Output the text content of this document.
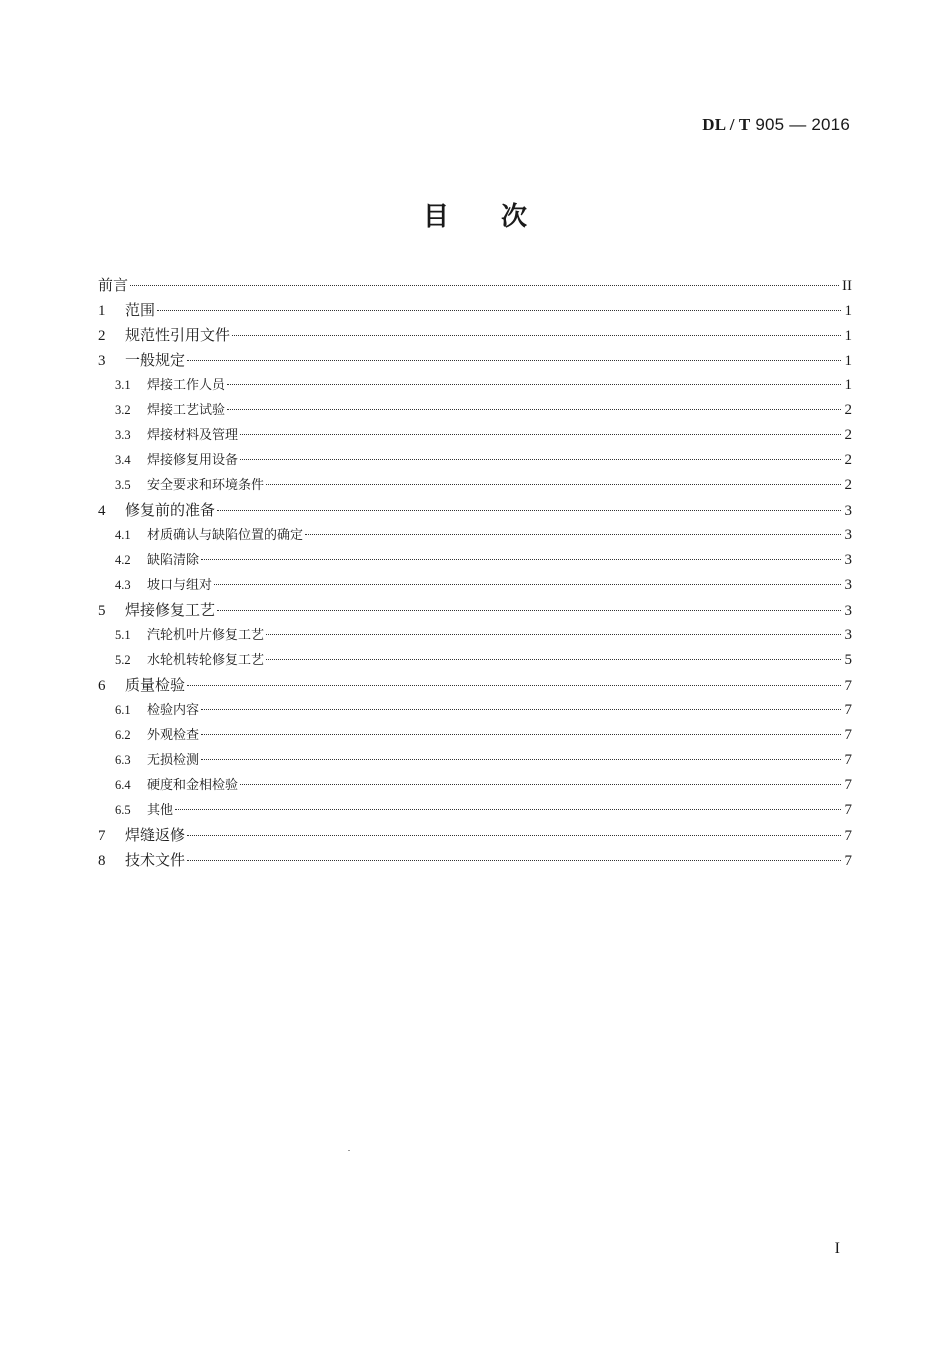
DL / T 905 — 2016
目次
前言	II
1	范围	1
2	规范性引用文件	1
3	一般规定	1
3.1	焊接工作人员	1
3.2	焊接工艺试验	2
3.3	焊接材料及管理	2
3.4	焊接修复用设备	2
3.5	安全要求和环境条件	2
4	修复前的准备	3
4.1	材质确认与缺陷位置的确定	3
4.2	缺陷清除	3
4.3	坡口与组对	3
5	焊接修复工艺	3
5.1	汽轮机叶片修复工艺	3
5.2	水轮机转轮修复工艺	5
6	质量检验	7
6.1	检验内容	7
6.2	外观检查	7
6.3	无损检测	7
6.4	硬度和金相检验	7
6.5	其他	7
7	焊缝返修	7
8	技术文件	7
I
